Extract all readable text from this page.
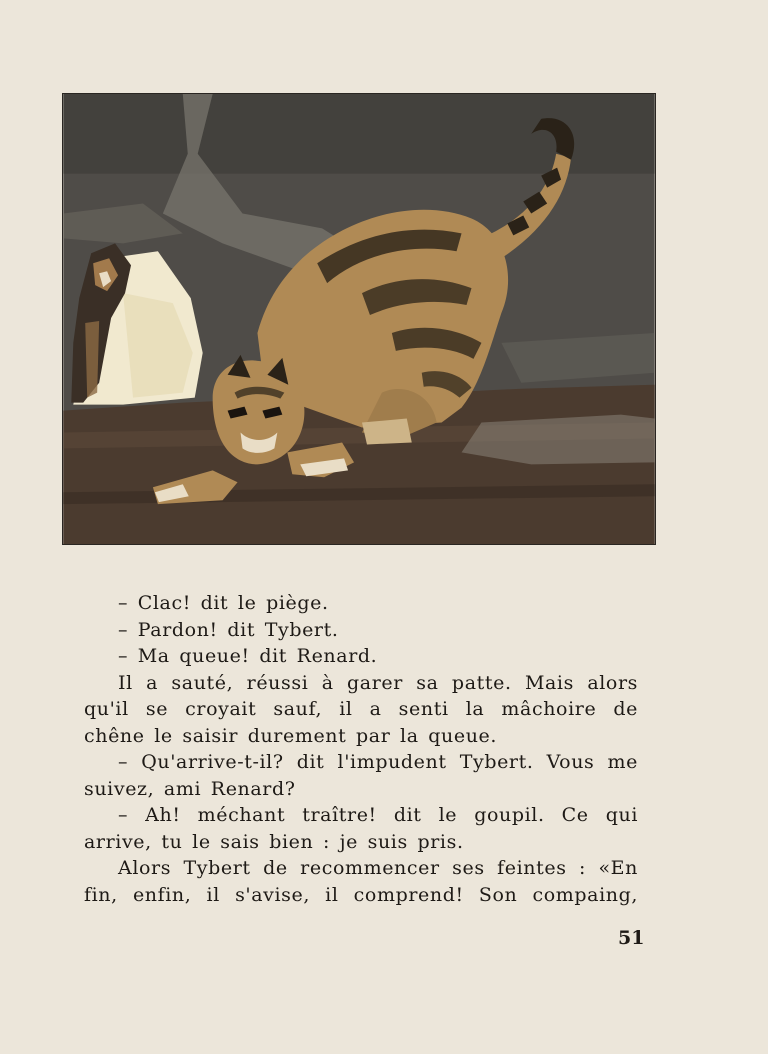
– Clac! dit le piège.

– Pardon! dit Tybert.

– Ma queue! dit Renard.

Il a sauté, réussi à garer sa patte. Mais alors qu'il se croyait sauf, il a senti la mâchoire de chêne le saisir durement par la queue.

– Qu'arrive-t-il? dit l'impudent Tybert. Vous me suivez, ami Renard?

– Ah! méchant traître! dit le goupil. Ce qui arrive, tu le sais bien : je suis pris.

Alors Tybert de recommencer ses feintes : «En fin, enfin, il s'avise, il comprend! Son compaing,

51
